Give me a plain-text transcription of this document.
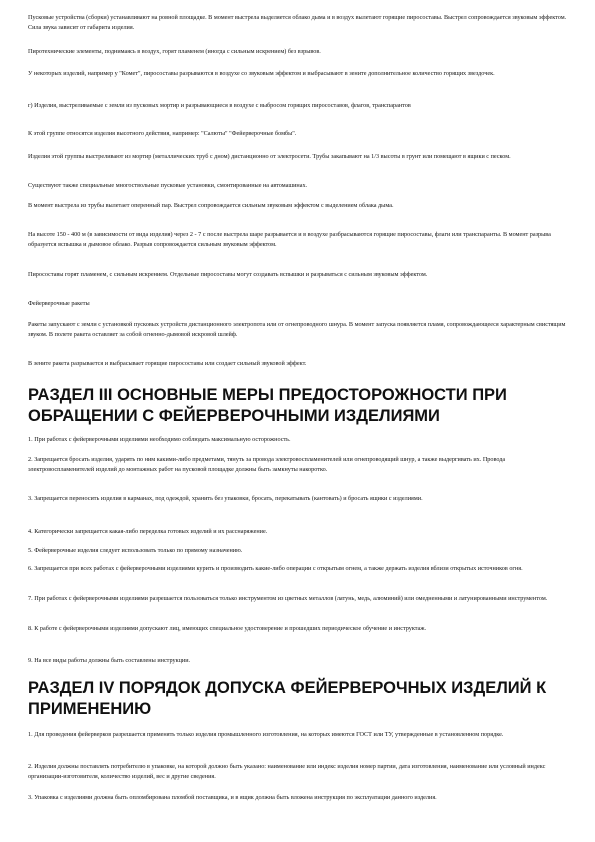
Пусковые устройства (сборки) устанавливают на ровной площадке. В момент выстрела выделяется облако дыма и в воздух вылетают горящие пиросоставы. Выстрел сопровождается звуковым эффектом. Сила звука зависит от габарита изделия.

Пиротехнические элементы, поднимаясь в воздух, горят пламенем (иногда с сильным искрением) без взрывов.

У некоторых изделий, например у "Комет", пиросоставы разрываются в воздухе со звуковым эффектом и выбрасывают в зените дополнительное количество горящих звездочек.

г) Изделия, выстреливаемые с земли из пусковых мортир и разрывающиеся в воздухе с выбросом горящих пиросоставов, флагов, транспарантов

К этой группе относятся изделия высотного действия, например: "Салюты" "Фейерверочные бомбы".

Изделия этой группы выстреливают из мортир (металлических труб с дном) дистанционно от электросети. Трубы закапывают на 1/3 высоты в грунт или помещают в ящики с песком.

Существуют также специальные многоствольные пусковые установки, смонтированные на автомашинах.

В момент выстрела из трубы вылетает оперенный пар. Выстрел сопровождается сильным звуковым эффектом с выделением облака дыма.

На высоте 150 - 400 м (в зависимости от вида изделия) через 2 - 7 с после выстрела шаре разрывается и в воздухе разбрасываются горящие пиросоставы, флаги или транспаранты. В момент разрыва образуется вспышка и дымовое облако. Разрыв сопровождается сильным звуковым эффектом.

Пиросоставы горят пламенем, с сильным искрением. Отдельные пиросоставы могут создавать вспышки и разрываться с сильным звуковым эффектом.

Фейерверочные ракеты

Ракеты запускают с земли с установкой пусковых устройств дистанционного электропота или от огнепроводного шнура. В момент запуска появляется пламя, сопровождающееся характерным свистящим звуком. В полете ракета оставляет за собой огненно-дымовой искровой шлейф.

В зените ракета разрывается и выбрасывает горящие пиросоставы или создает сильный звуковой эффект.

РАЗДЕЛ III ОСНОВНЫЕ МЕРЫ ПРЕДОСТОРОЖНОСТИ ПРИ ОБРАЩЕНИИ С ФЕЙЕРВЕРОЧНЫМИ ИЗДЕЛИЯМИ

1. При работах с фейерверочными изделиями необходимо соблюдать максимальную осторожность.

2. Запрещается бросать изделия, ударять по ним какими-либо предметами, тянуть за провода электровоспламенителей или огнепроводящий шнур, а также выдергивать их. Провода электровоспламенителей изделий до монтажных работ на пусковой площадке должны быть замкнуты накоротко.

3. Запрещается переносить изделия в карманах, под одеждой, хранить без упаковки, бросать, перекатывать (кантовать) и бросать ящики с изделиями.

4. Категорически запрещается какая-либо переделка готовых изделий и их расснаряжение.

5. Фейерверочные изделия следует использовать только по прямому назначению.

6. Запрещается при всех работах с фейерверочными изделиями курить и производить какие-либо операции с открытым огнем, а также держать изделия вблизи открытых источников огня.

7. При работах с фейерверочными изделиями разрешается пользоваться только инструментом из цветных металлов (латунь, медь, алюминий) или омедненными и латунированными инструментом.

8. К работе с фейерверочными изделиями допускают лиц, имеющих специальное удостоверение и прошедших периодическое обучение и инструктаж.

9. На все виды работы должны быть составлены инструкции.

РАЗДЕЛ IV ПОРЯДОК ДОПУСКА ФЕЙЕРВЕРОЧНЫХ ИЗДЕЛИЙ К ПРИМЕНЕНИЮ

1. Для проведения фейерверков разрешается применять только изделия промышленного изготовления, на которых имеются ГОСТ или ТУ, утвержденные в установленном порядке.

2. Изделия должны поставлять потребителю в упаковке, на которой должно быть указано: наименование или индекс изделия номер партии, дата изготовления, наименование или условный индекс организации-изготовителя, количество изделий, вес и другие сведения.

3. Упаковка с изделиями должна быть опломбирована пломбой поставщика, и в ящик должна быть вложена инструкция по эксплуатации данного изделия.
